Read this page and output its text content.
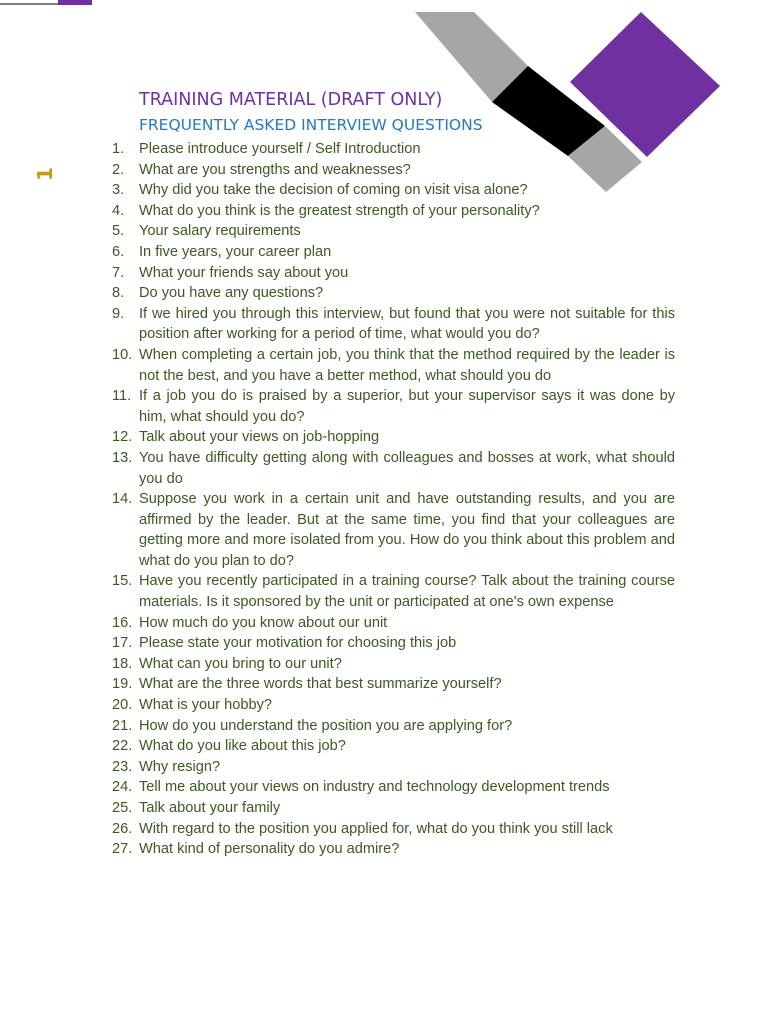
1
TRAINING MATERIAL (DRAFT ONLY)
FREQUENTLY ASKED INTERVIEW QUESTIONS
1. Please introduce yourself / Self Introduction
2. What are you strengths and weaknesses?
3. Why did you take the decision of coming on visit visa alone?
4. What do you think is the greatest strength of your personality?
5. Your salary requirements
6. In five years, your career plan
7. What your friends say about you
8. Do you have any questions?
9. If we hired you through this interview, but found that you were not suitable for this position after working for a period of time, what would you do?
10. When completing a certain job, you think that the method required by the leader is not the best, and you have a better method, what should you do
11. If a job you do is praised by a superior, but your supervisor says it was done by him, what should you do?
12. Talk about your views on job-hopping
13. You have difficulty getting along with colleagues and bosses at work, what should you do
14. Suppose you work in a certain unit and have outstanding results, and you are affirmed by the leader. But at the same time, you find that your colleagues are getting more and more isolated from you. How do you think about this problem and what do you plan to do?
15. Have you recently participated in a training course? Talk about the training course materials. Is it sponsored by the unit or participated at one's own expense
16. How much do you know about our unit
17. Please state your motivation for choosing this job
18. What can you bring to our unit?
19. What are the three words that best summarize yourself?
20. What is your hobby?
21. How do you understand the position you are applying for?
22. What do you like about this job?
23. Why resign?
24. Tell me about your views on industry and technology development trends
25. Talk about your family
26. With regard to the position you applied for, what do you think you still lack
27. What kind of personality do you admire?
